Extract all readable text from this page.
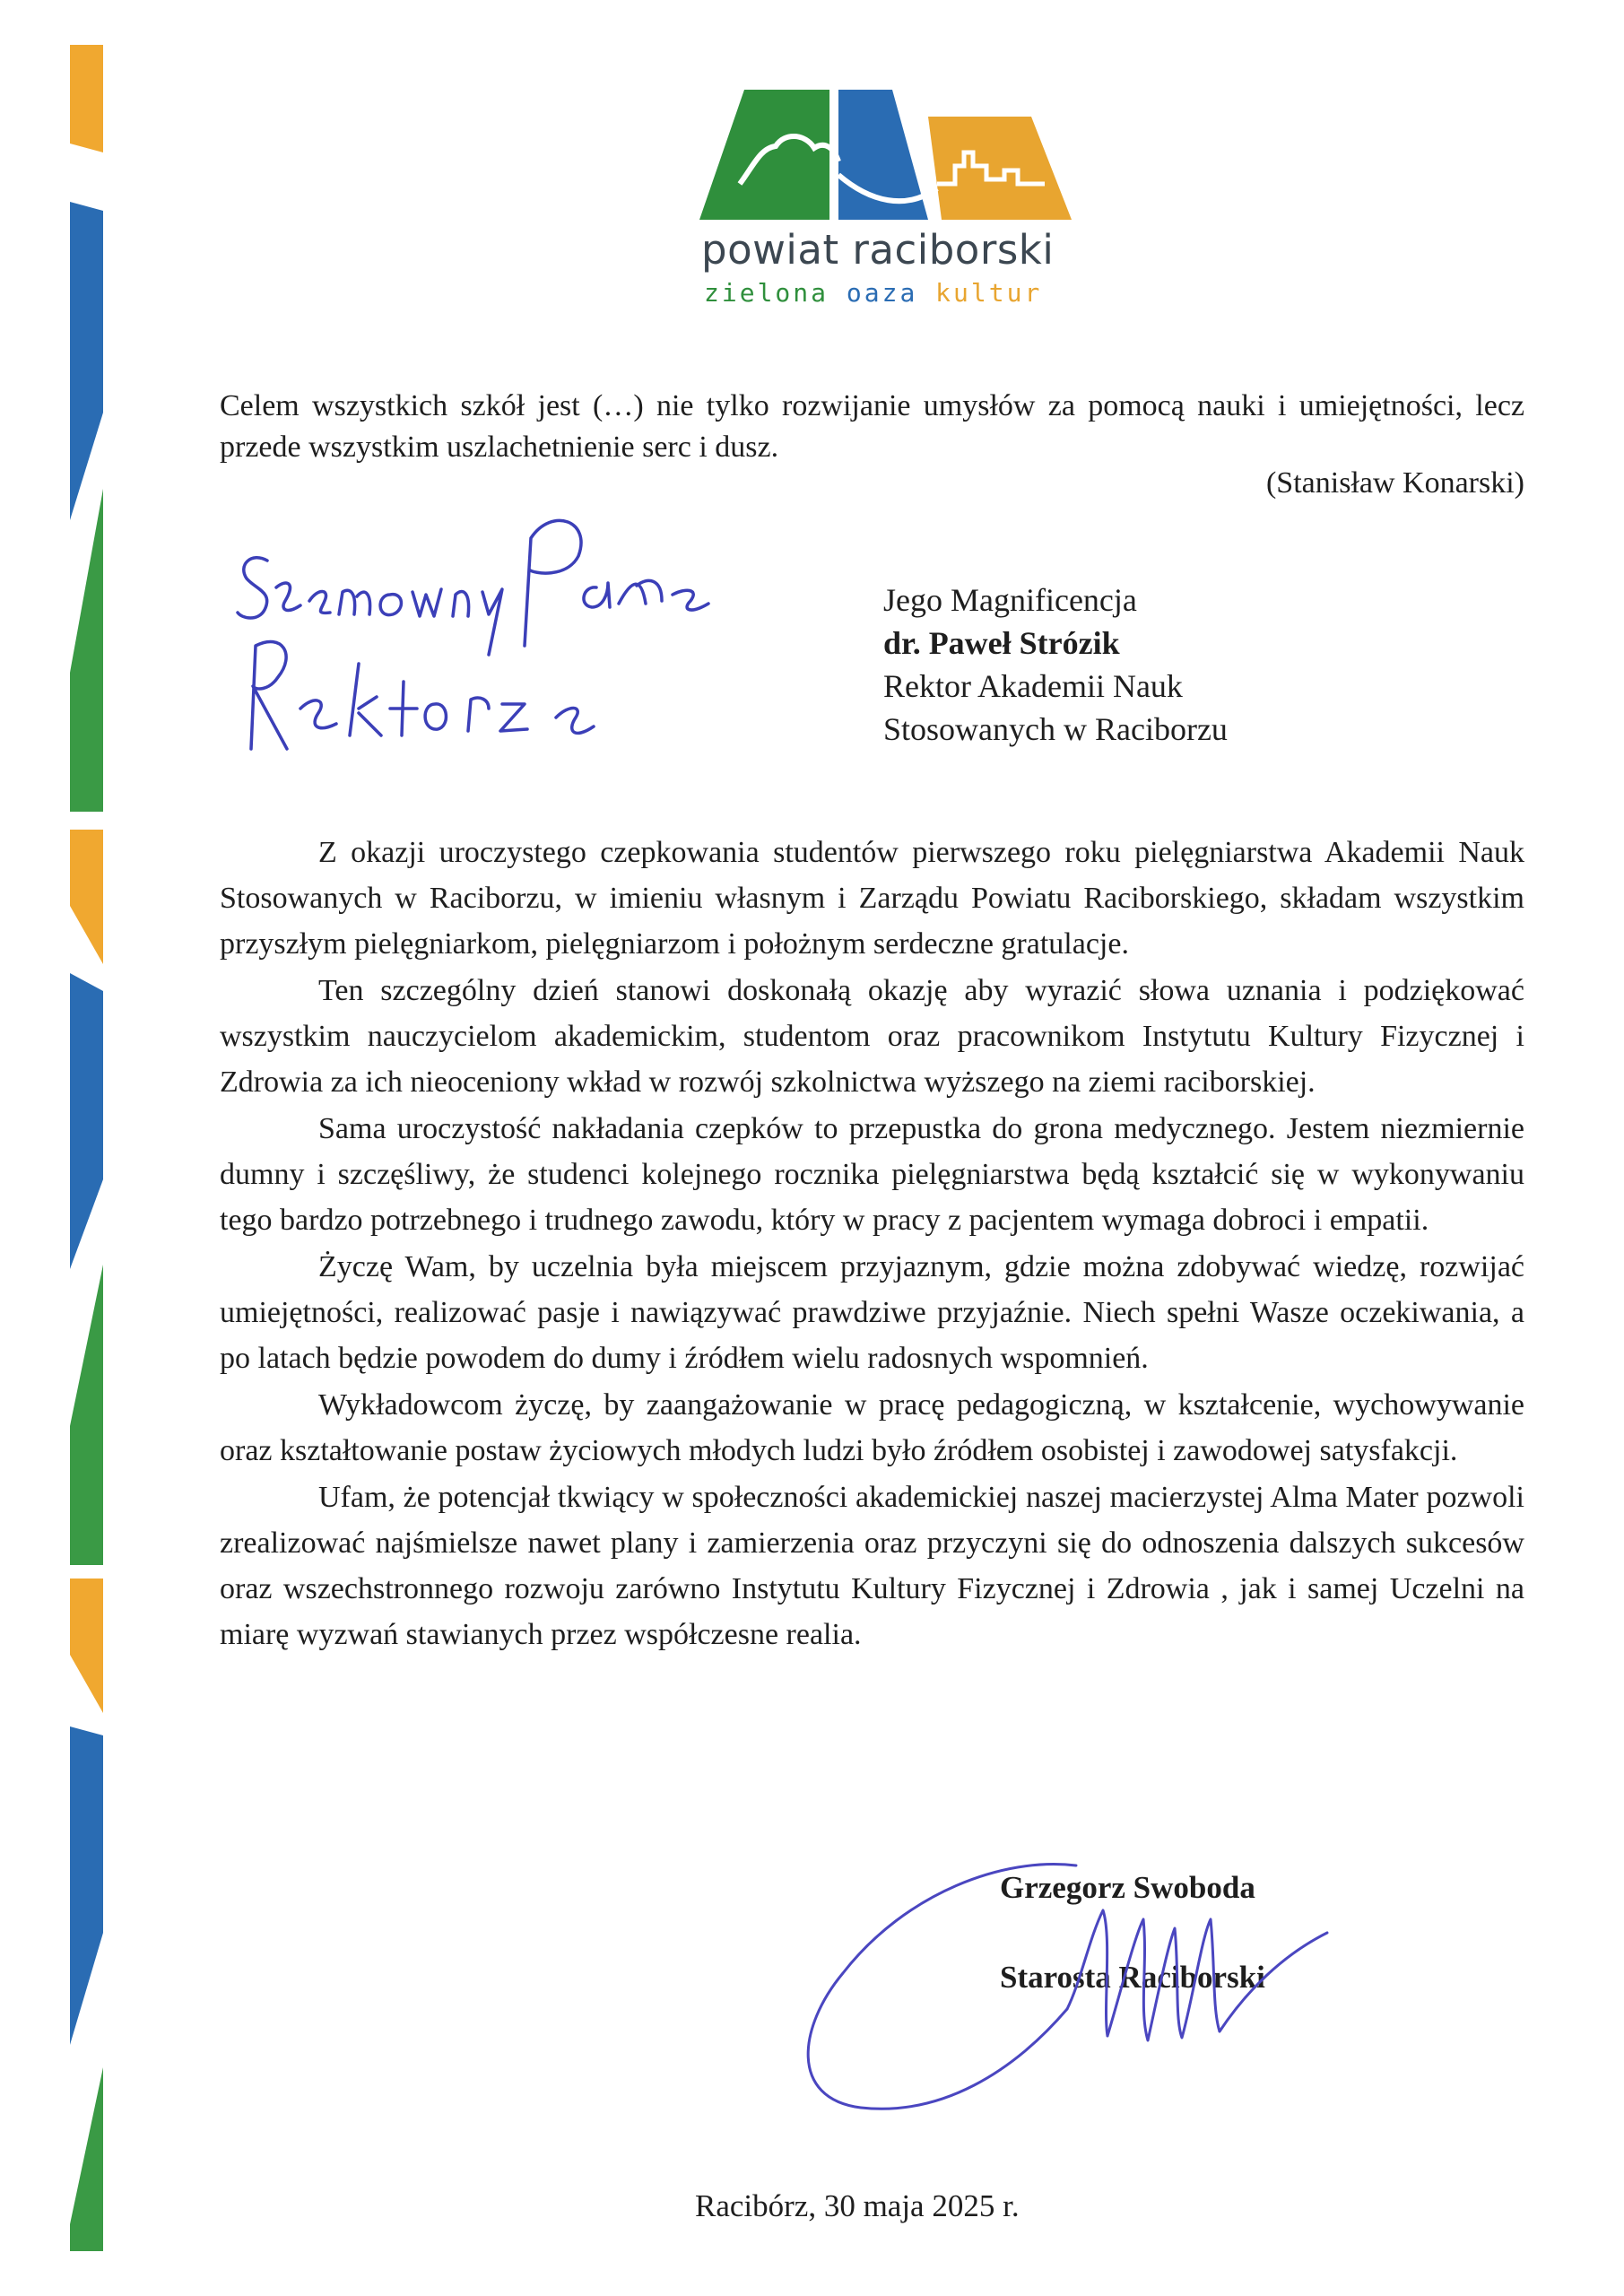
powiat raciborski
zielona oaza kultur
Celem wszystkich szkół jest (…) nie tylko rozwijanie umysłów za pomocą nauki i umiejętności, lecz przede wszystkim uszlachetnienie serc i dusz.
(Stanisław Konarski)
Jego Magnificencja
dr. Paweł Strózik
Rektor Akademii Nauk
Stosowanych w Raciborzu

Z okazji uroczystego czepkowania studentów pierwszego roku pielęgniarstwa Akademii Nauk Stosowanych w Raciborzu, w imieniu własnym i Zarządu Powiatu Raciborskiego, składam wszystkim przyszłym pielęgniarkom, pielęgniarzom i położnym serdeczne gratulacje.

Ten szczególny dzień stanowi doskonałą okazję aby wyrazić słowa uznania i podziękować wszystkim nauczycielom akademickim, studentom oraz pracownikom Instytutu Kultury Fizycznej i Zdrowia za ich nieoceniony wkład w rozwój szkolnictwa wyższego na ziemi raciborskiej.

Sama uroczystość nakładania czepków to przepustka do grona medycznego. Jestem niezmiernie dumny i szczęśliwy, że studenci kolejnego rocznika pielęgniarstwa będą kształcić się w wykonywaniu tego bardzo potrzebnego i trudnego zawodu, który w pracy z pacjentem wymaga dobroci i empatii.

Życzę Wam, by uczelnia była miejscem przyjaznym, gdzie można zdobywać wiedzę, rozwijać umiejętności, realizować pasje i nawiązywać prawdziwe przyjaźnie. Niech spełni Wasze oczekiwania, a po latach będzie powodem do dumy i źródłem wielu radosnych wspomnień.

Wykładowcom życzę, by zaangażowanie w pracę pedagogiczną, w kształcenie, wychowywanie oraz kształtowanie postaw życiowych młodych ludzi było źródłem osobistej i zawodowej satysfakcji.

Ufam, że potencjał tkwiący w społeczności akademickiej naszej macierzystej Alma Mater pozwoli zrealizować najśmielsze nawet plany i zamierzenia oraz przyczyni się do odnoszenia dalszych sukcesów oraz wszechstronnego rozwoju zarówno Instytutu Kultury Fizycznej i Zdrowia , jak i samej Uczelni na miarę wyzwań stawianych przez współczesne realia.

Grzegorz Swoboda
Starosta Raciborski
Racibórz, 30 maja 2025 r.
